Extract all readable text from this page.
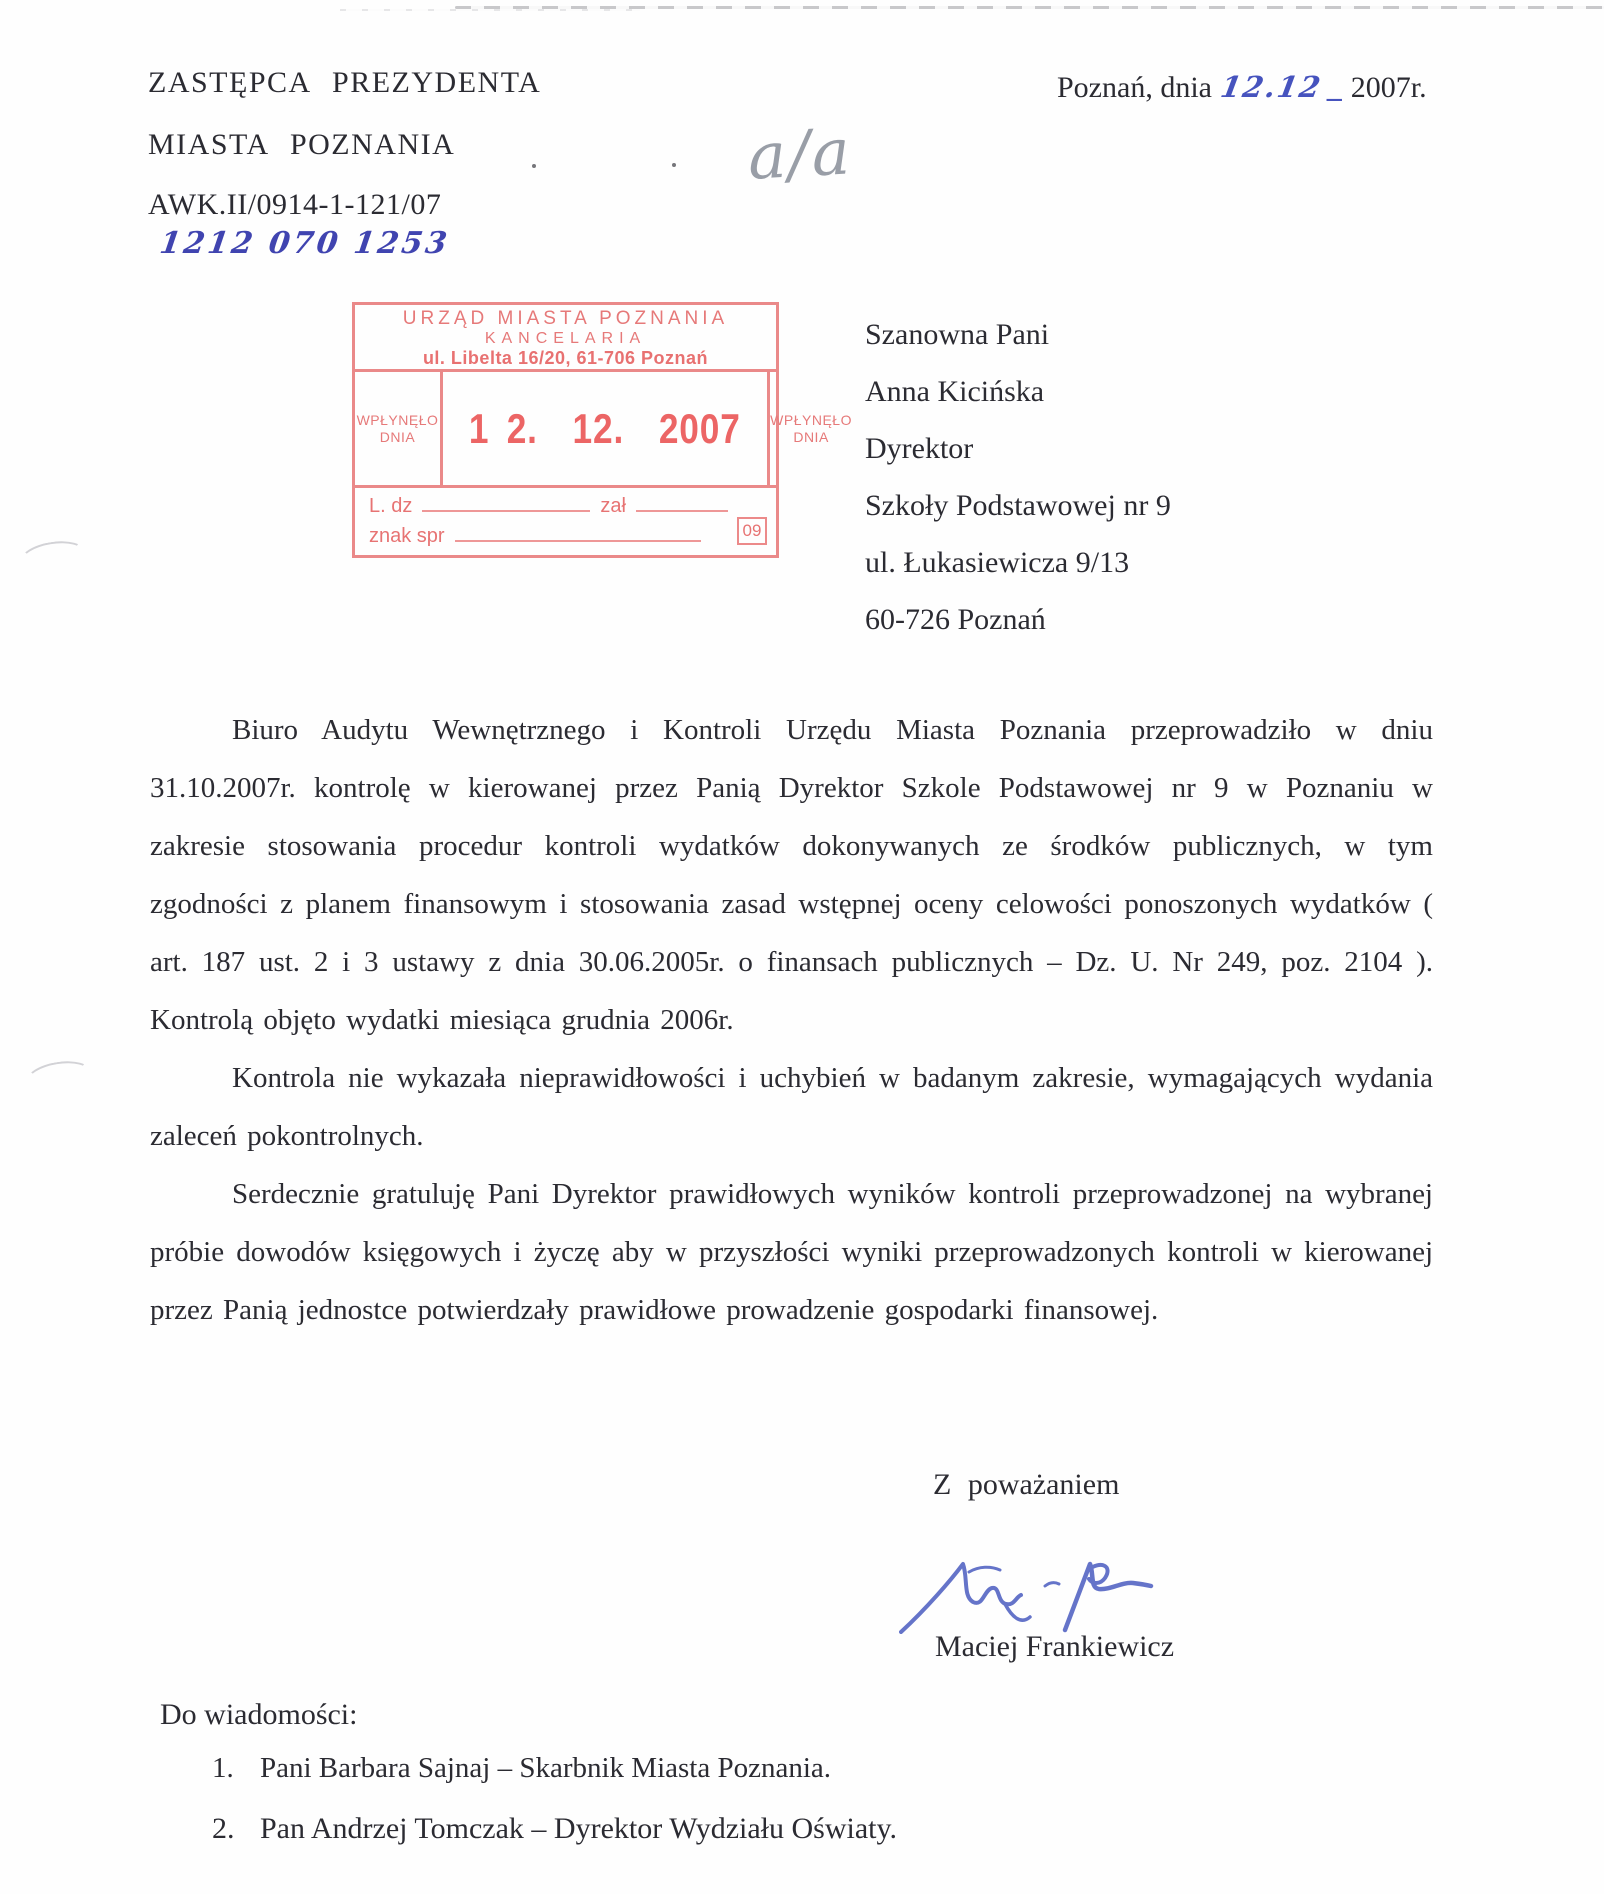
ZASTĘPCA PREZYDENTA
MIASTA POZNANIA
AWK.II/0914-1-121/07
1212 070 1253
Poznań, dnia 12.12 _ 2007r.
a/a
URZĄD MIASTA POZNANIA
KANCELARIA
ul. Libelta 16/20, 61-706 Poznań
WPŁYNĘŁO DNIA	1 2.  12.  2007 WPŁYNĘŁO DNIA
L. dz	zał
znak spr	09
Szanowna Pani
Anna Kicińska
Dyrektor
Szkoły Podstawowej nr 9
ul. Łukasiewicza 9/13
60-726 Poznań

Biuro Audytu Wewnętrznego i Kontroli Urzędu Miasta Poznania przeprowadziło w dniu 31.10.2007r. kontrolę w kierowanej przez Panią Dyrektor Szkole Podstawowej nr 9 w Poznaniu w zakresie stosowania procedur kontroli wydatków dokonywanych ze środków publicznych, w tym zgodności z planem finansowym i stosowania zasad wstępnej oceny celowości ponoszonych wydatków ( art. 187 ust. 2 i 3 ustawy z dnia 30.06.2005r. o finansach publicznych – Dz. U. Nr 249, poz. 2104 ). Kontrolą objęto wydatki miesiąca grudnia 2006r.

Kontrola nie wykazała nieprawidłowości i uchybień w badanym zakresie, wymagających wydania zaleceń pokontrolnych.

Serdecznie gratuluję Pani Dyrektor prawidłowych wyników kontroli przeprowadzonej na wybranej próbie dowodów księgowych i życzę aby w przyszłości wyniki przeprowadzonych kontroli w kierowanej przez Panią jednostce potwierdzały prawidłowe prowadzenie gospodarki finansowej.

Z poważaniem
Maciej Frankiewicz
Do wiadomości:
1. Pani Barbara Sajnaj – Skarbnik Miasta Poznania.
2. Pan Andrzej Tomczak – Dyrektor Wydziału Oświaty.
